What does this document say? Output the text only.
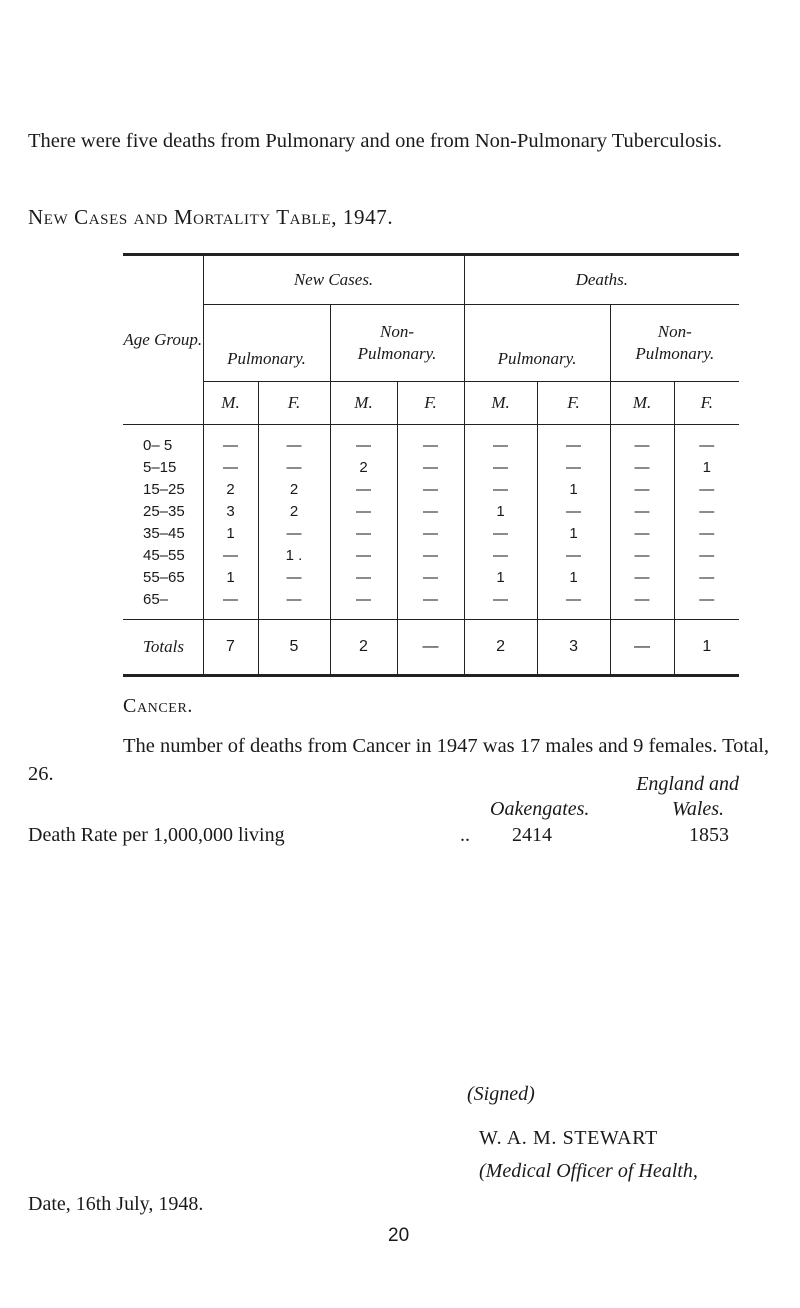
There were five deaths from Pulmonary and one from Non-Pulmonary Tuberculosis.
New Cases and Mortality Table, 1947.
Age Group.	New Cases.				Deaths.			
	Pulmonary.		Non- Pulmonary.		Pulmonary.		Non- Pulmonary.	
	M.	F.	M.	F.	M.	F.	M.	F.
0– 5	—	—	—	—	—	—	—	—
5–15	—	—	2	—	—	—	—	1
15–25	2	2	—	—	—	1	—	—
25–35	3	2	—	—	1	—	—	—
35–45	1	—	—	—	—	1	—	—
45–55	—	1 .	—	—	—	—	—	—
55–65	1	—	—	—	1	1	—	—
65–	—	—	—	—	—	—	—	—
Totals	7	5	2	—	2	3	—	1
Cancer.
The number of deaths from Cancer in 1947 was 17 males and 9 females. Total, 26.	England and
Oakengates.	Wales.
Death Rate per 1,000,000 living	.. 2414	1853
(Signed)
W. A. M. STEWART
(Medical Officer of Health,
Date, 16th July, 1948.
20
